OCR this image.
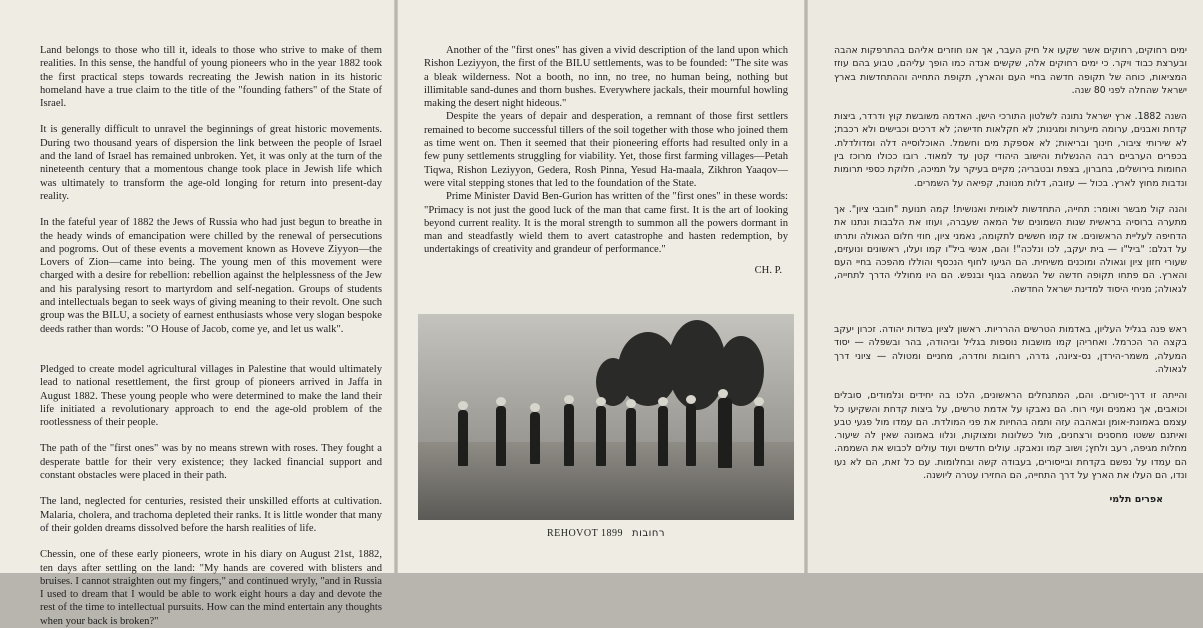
Land belongs to those who till it, ideals to those who strive to make of them realities. In this sense, the handful of young pioneers who in the year 1882 took the first practical steps towards recreating the Jewish nation in its historic homeland have a true claim to the title of the "founding fathers" of the State of Israel.

It is generally difficult to unravel the beginnings of great historic movements. During two thousand years of dispersion the link between the people of Israel and the land of Israel has remained unbroken. Yet, it was only at the turn of the nineteenth century that a momentous change took place in Jewish life which was ultimately to transform the age-old longing for return into present-day reality.

In the fateful year of 1882 the Jews of Russia who had just begun to breathe in the heady winds of emancipation were chilled by the renewal of persecutions and pogroms. Out of these events a movement known as Hoveve Ziyyon—the Lovers of Zion—came into being. The young men of this movement were charged with a desire for rebellion: rebellion against the helplessness of the Jew and his paralysing resort to martyrdom and self-negation. Groups of students and intellectuals began to seek ways of giving meaning to their revolt. One such group was the BILU, a society of earnest enthusiasts whose very slogan bespoke deeds rather than words: "O House of Jacob, come ye, and let us walk".

Pledged to create model agricultural villages in Palestine that would ultimately lead to national resettlement, the first group of pioneers arrived in Jaffa in August 1882. These young people who were determined to make the land their life initiated a revolutionary approach to end the age-old problem of the rootlessness of their people.

The path of the "first ones" was by no means strewn with roses. They fought a desperate battle for their very existence; they lacked financial support and constant obstacles were placed in their path.

The land, neglected for centuries, resisted their unskilled efforts at cultivation. Malaria, cholera, and trachoma depleted their ranks. It is little wonder that many of their golden dreams dissolved before the harsh realities of life.

Chessin, one of these early pioneers, wrote in his diary on August 21st, 1882, ten days after settling on the land: "My hands are covered with blisters and bruises. I cannot straighten out my fingers," and continued wryly, "and in Russia I used to dream that I would be able to work eight hours a day and devote the rest of the time to intellectual pursuits. How can the mind entertain any thoughts when your back is broken?"

Another of the "first ones" has given a vivid description of the land upon which Rishon Leziyyon, the first of the BILU settlements, was to be founded: "The site was a bleak wilderness. Not a booth, no inn, no tree, no human being, nothing but illimitable sand-dunes and thorn bushes. Everywhere jackals, their mournful howling making the desert night hideous."

Despite the years of depair and desperation, a remnant of those first settlers remained to become successful tillers of the soil together with those who joined them as time went on. Then it seemed that their pioneering efforts had resulted only in a few puny settlements struggling for viability. Yet, those first farming villages—Petah Tiqwa, Rishon Leziyyon, Gedera, Rosh Pinna, Yesud Ha-maala, Zikhron Yaaqov—were vital stepping stones that led to the foundation of the State.

Prime Minister David Ben-Gurion has written of the "first ones" in these words: "Primacy is not just the good luck of the man that came first. It is the art of looking beyond current reality. It is the moral strength to summon all the powers dormant in man and steadfastly wield them to avert catastrophe and hasten redemption, by undertakings of creativity and grandeur of performance."

CH. P.

REHOVOT 1899 רחובות

ימים רחוקים, רחוקים אשר שקעו אל חיק העבר, אך אנו חוזרים אליהם בהתרפקות אהבה ובערצת כבוד ויקר. כי ימים רחוקים אלה, שקשים אנדה כמו הופך עליהם, טבוע בהם עוזז המציאות, כוחה של תקופה חדשה בחיי העם והארץ, תקופת התחייה וההתחדשות בארץ ישראל שהחלה לפני 80 שנה.

השנה 1882. ארץ ישראל נתונה לשלטון התורכי הישן. האדמה משובשת קוץ ודרדר, ביצות קדחת ואבנים, ערומה מיערות ומגינות; לא חקלאות חדישה; לא דרכים וכבישים ולא רכבת; לא שירותי ציבור, חינוך ובריאות; לא אספקת מים וחשמל. האוכלוסייה דלה ומדולדלת. בכפרים הערביים רבה ההנשלות והישוב היהודי קטן עד למאוד. רובו ככולו מרוכז בין החומות בירושלים, בחברון, בצפת ובטבריה; מקיים בעיקר על תמיכה, חלוקת כספי תרומות ונדבות מחוץ לארץ. בכול — עזובה, דלות מנוונת, קפיאה על השמרים.

והנה קול מבשר ואומר: תחייה, התחדשות לאומית ואנושית! קמה תנועת "חובבי ציון". אך מתערה ברוסיה בראשית שנות השמונים של המאה שעברה, ועוזו את הלבבות ונתנו את הדחיפה לעליית הראשונים. אז קמו חששים לתקומה, נאמני ציון, חוזי חלום הגאולה ותרתו על דגלם: "ביל"ו — בית יעקב, לכו ונלכה"! והם, אנשי ביל"ו קמו ועלו, ראשונים ונועזים, שעורי חזון ציון וגאולה ומוכנים משיחית. הם הגיעו לחוף הנכסף והוללו מהפכה בחיי העם והארץ. הם פתחו תקופה חדשה של הגשמה בגוף ובנפש. הם היו מחוללי הדרך לתחייה, לגאולה; מניחי היסוד למדינת ישראל החדשה.

ראש פנה בגליל העליון, באדמות הטרשים ההרריות. ראשון לציון בשדות יהודה. זכרון יעקב בקצה הר הכרמל. ואחריהן קמו מושבות נוספות בגליל וביהודה, בהר ובשפלה — יסוד המעלה, משמר-הירדן, נס-ציונה, גדרה, רחובות וחדרה, מחניים ומטולה — ציוני דרך לגאולה.

והייתה זו דרך-יסורים. והם, המתנחלים הראשונים, הלכו בה יחידים ונלמודים, סובלים וכואבים, אך נאמנים ועזי רוח. הם נאבקו על אדמת טרשים, על ביצות קדחת והשקיעו כל עצמם באמונת-אומן ובאהבה עזה ותמה בהחיות את פני המולדת. הם עמדו מול פגעי טבע ואיתנם ששטו מחסנים ורצחנים, מול כשלונות ומצוקות, ונלוו באמונה שאין לה שיעור. מחלות מגיפה, רעב ולחץ; ושוב קמו ונאבקו. עולים חדשים ועוד עולים לכבוש את השממה. הם עמדו על נפשם בקדחת ובייסורים, בעבודה קשה ובחלומות. עם כל זאת, הם לא נעו ונדו, הם העלו את הארץ על דרך התחייה, הם החזירו עטרה ליושנה.

אפרים תלמי
